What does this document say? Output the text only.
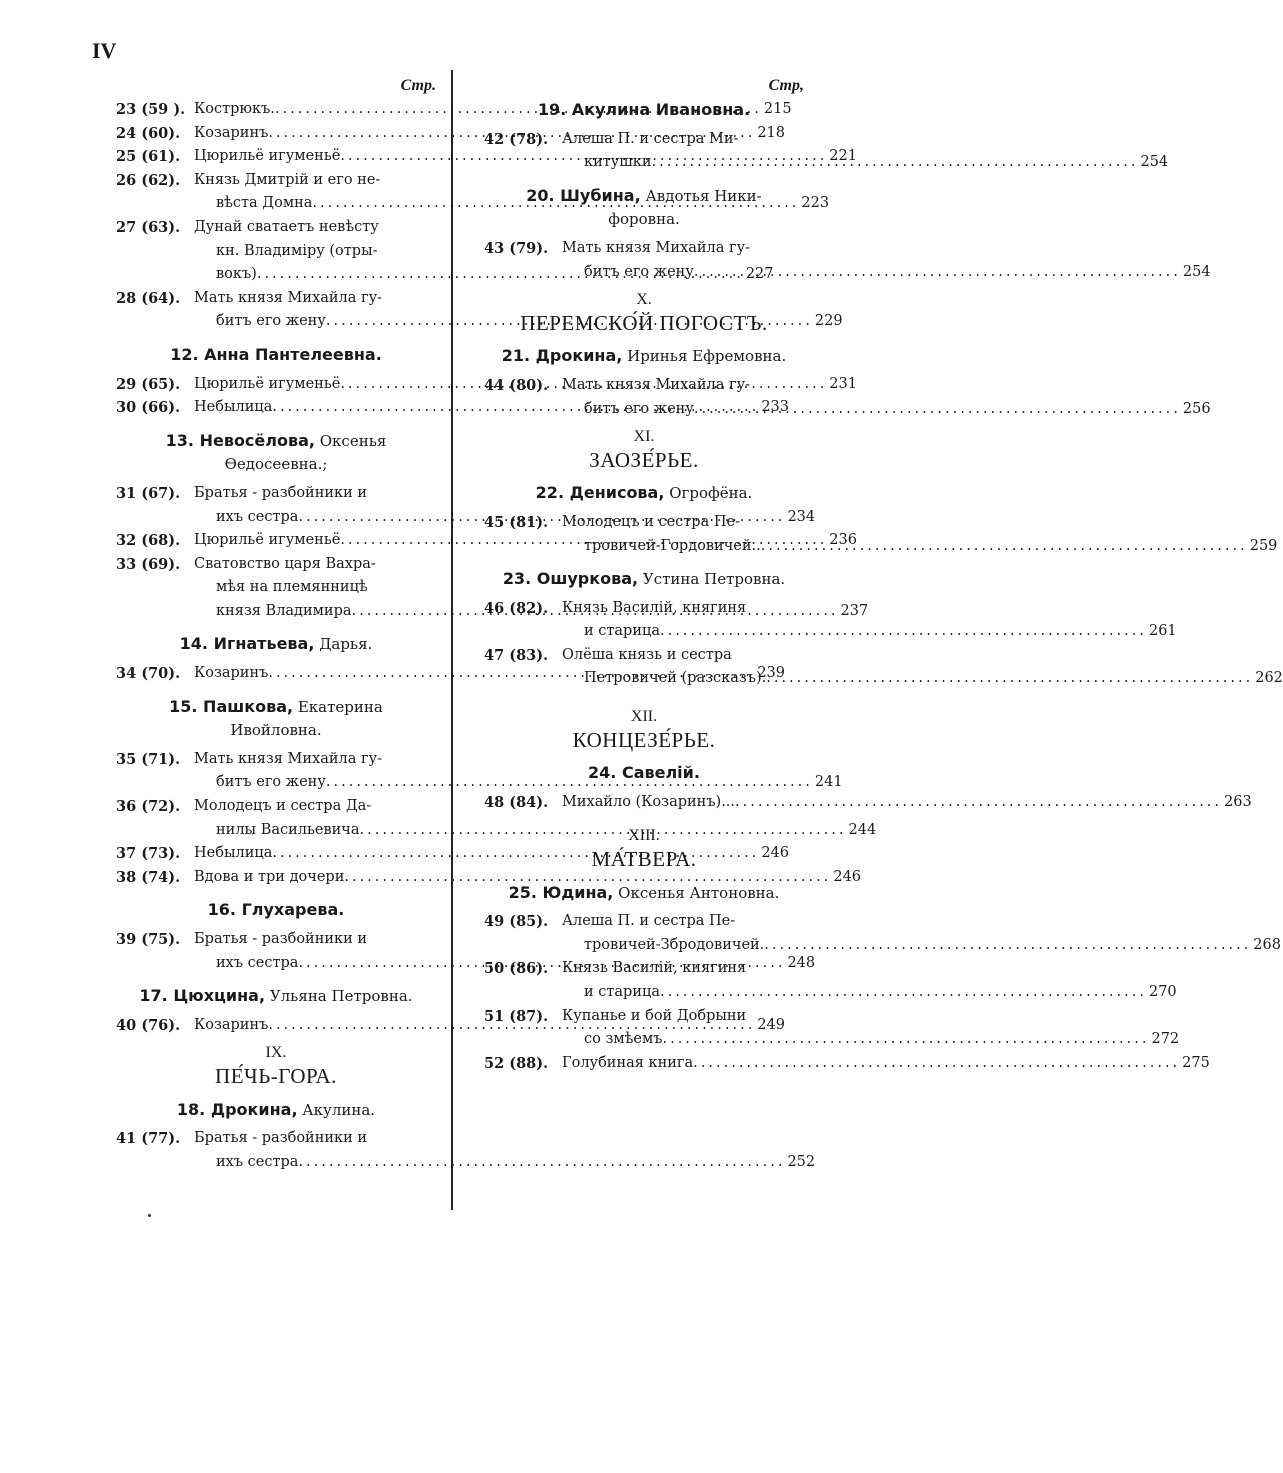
IV
Стр.
23 (59 ). Кострюкъ.
.....	215
24 (60). Козаринъ
.....	218
25 (61). Цюрильё игуменьё
.....	221
26 (62). Князь Дмитрій и его не-
вѣста Домна
.....	223
27 (63). Дунай сватаетъ невѣсту
кн. Владиміру (отры-
вокъ)
.....	227
28 (64). Мать князя Михайла гу-
битъ его жену
.....	229
12. Анна Пантелеевна.
29 (65). Цюрильё игуменьё
.....	231
30 (66). Небылица
.....	233
13. Невосёлова, Оксенья
Өедосеевна.;
31 (67). Братья - разбойники и
ихъ сестра
.....	234
32 (68). Цюрильё игуменьё
.....	236
33 (69). Сватовство царя Вахра-
мѣя на племянницѣ
князя Владимира
.....	237
14. Игнатьева, Дарья.
34 (70). Козаринъ
.....	239
15. Пашкова, Екатерина
Ивойловна.
35 (71). Мать князя Михайла гу-
битъ его жену
.....	241
36 (72). Молодецъ и сестра Да-
нилы Васильевича
.....	244
37 (73). Небылица
.....	246
38 (74). Вдова и три дочери
.....	246
16. Глухарева.
39 (75). Братья - разбойники и
ихъ сестра
.....	248
17. Цюхцина, Ульяна Петровна.
40 (76). Козаринъ
.....	249
IX.
ПЕ́ЧЬ-ГОРА.
18. Дрокина, Акулина.
41 (77). Братья - разбойники и
ихъ сестра
.....	252
Стр,
19. Акулина Ивановна.
42 (78). Алеша П. и сестра Ми-
китушки
.....	254
20. Шубина, Авдотья Ники-
форовна.
43 (79). Мать князя Михайла гу-
битъ его жену
.....	254
X.
ПЕРЕМСКО́Й ПОГОСТЪ.
21. Дрокина, Иринья Ефремовна.
44 (80). Мать князя Михайла гу-
битъ его жену
.....	256
XI.
ЗАОЗЕ́РЬЕ.
22. Денисова, Огрофёна.
45 (81). Молодецъ и сестра Пе-
тровичей-Гордовичей..
.....	259
23. Ошуркова, Устина Петровна.
46 (82). Князь Василій, княгиня
и старица
.....	261
47 (83). Олёша князь и сестра
Петровичей (разсказъ).
.....	262
XII.
КОНЦЕЗЕ́РЬЕ.
24. Савелій.
48 (84). Михайло (Козаринъ)...
.....	263
XIII.
МА́ТВЕРА.
25. Юдина, Оксенья Антоновна.
49 (85). Алеша П. и сестра Пе-
тровичей-Збродовичей.
.....	268
50 (86). Князь Василій, княгиня
и старица
.....	270
51 (87). Купанье и бой Добрыни
со змѣемъ
.....	272
52 (88). Голубиная книга
.....	275
